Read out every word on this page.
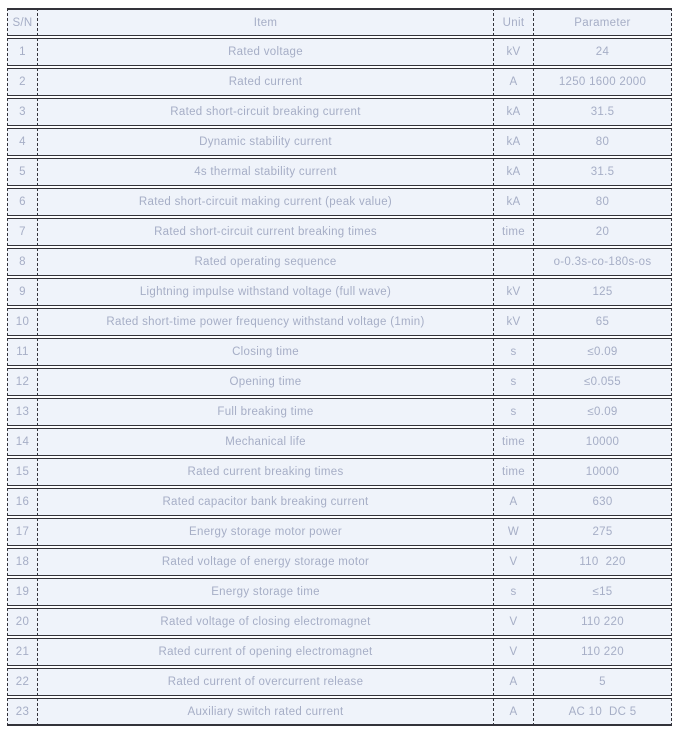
S/N	Item	Unit	Parameter
1	Rated voltage	kV	24
2	Rated current	A	1250 1600 2000
3	Rated short-circuit breaking current	kA	31.5
4	Dynamic stability current	kA	80
5	4s thermal stability current	kA	31.5
6	Rated short-circuit making current (peak value)	kA	80
7	Rated short-circuit current breaking times	time	20
8	Rated operating sequence		o-0.3s-co-180s-os
9	Lightning impulse withstand voltage (full wave)	kV	125
10	Rated short-time power frequency withstand voltage (1min)	kV	65
11	Closing time	s	≤0.09
12	Opening time	s	≤0.055
13	Full breaking time	s	≤0.09
14	Mechanical life	time	10000
15	Rated current breaking times	time	10000
16	Rated capacitor bank breaking current	A	630
17	Energy storage motor power	W	275
18	Rated voltage of energy storage motor	V	110  220
19	Energy storage time	s	≤15
20	Rated voltage of closing electromagnet	V	110 220
21	Rated current of opening electromagnet	V	110 220
22	Rated current of overcurrent release	A	5
23	Auxiliary switch rated current	A	AC 10  DC 5
